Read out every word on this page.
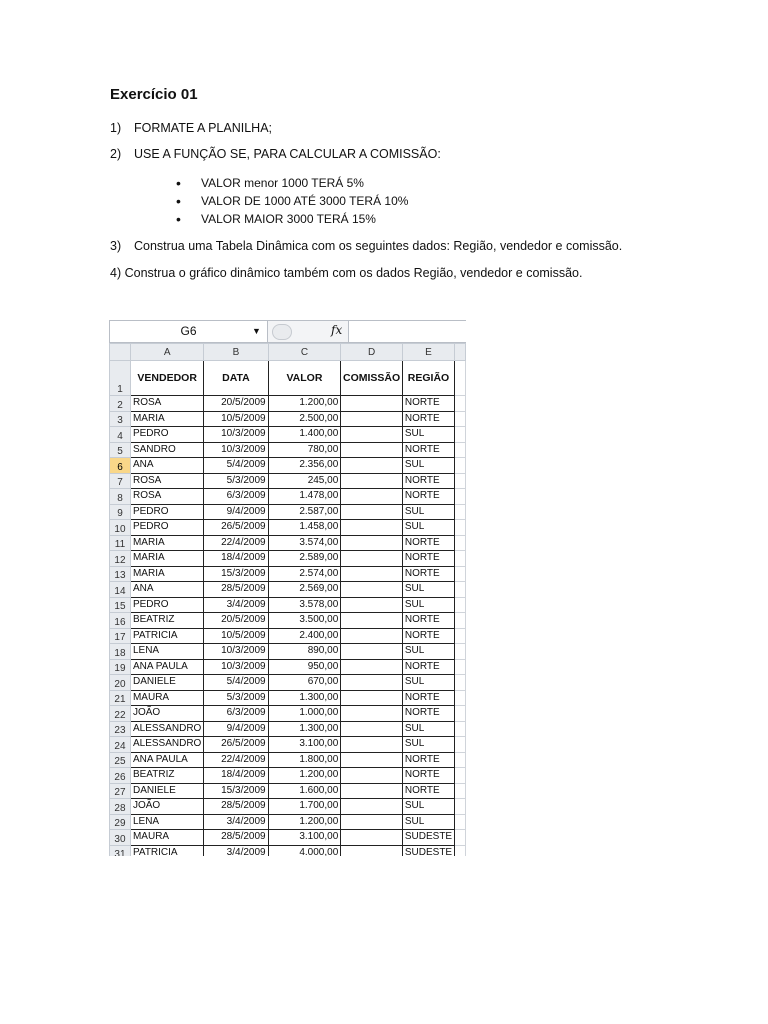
Exercício 01
1) FORMATE A PLANILHA;
2) USE A FUNÇÃO SE, PARA CALCULAR A COMISSÃO:
• VALOR menor 1000 TERÁ 5%
• VALOR DE 1000 ATÉ 3000 TERÁ 10%
• VALOR MAIOR 3000 TERÁ 15%
3) Construa uma Tabela Dinâmica com os seguintes dados: Região, vendedor e comissão.
4) Construa o gráfico dinâmico também com os dados Região, vendedor e comissão.
G6	▼	fx
	A	B	C	D	E	
1	VENDEDOR	DATA	VALOR	COMISSÃO	REGIÃO	
2	ROSA	20/5/2009	1.200,00		NORTE	
3	MARIA	10/5/2009	2.500,00		NORTE	
4	PEDRO	10/3/2009	1.400,00		SUL	
5	SANDRO	10/3/2009	780,00		NORTE	
6	ANA	5/4/2009	2.356,00		SUL	
7	ROSA	5/3/2009	245,00		NORTE	
8	ROSA	6/3/2009	1.478,00		NORTE	
9	PEDRO	9/4/2009	2.587,00		SUL	
10	PEDRO	26/5/2009	1.458,00		SUL	
11	MARIA	22/4/2009	3.574,00		NORTE	
12	MARIA	18/4/2009	2.589,00		NORTE	
13	MARIA	15/3/2009	2.574,00		NORTE	
14	ANA	28/5/2009	2.569,00		SUL	
15	PEDRO	3/4/2009	3.578,00		SUL	
16	BEATRIZ	20/5/2009	3.500,00		NORTE	
17	PATRICIA	10/5/2009	2.400,00		NORTE	
18	LENA	10/3/2009	890,00		SUL	
19	ANA PAULA	10/3/2009	950,00		NORTE	
20	DANIELE	5/4/2009	670,00		SUL	
21	MAURA	5/3/2009	1.300,00		NORTE	
22	JOÃO	6/3/2009	1.000,00		NORTE	
23	ALESSANDRO	9/4/2009	1.300,00		SUL	
24	ALESSANDRO	26/5/2009	3.100,00		SUL	
25	ANA PAULA	22/4/2009	1.800,00		NORTE	
26	BEATRIZ	18/4/2009	1.200,00		NORTE	
27	DANIELE	15/3/2009	1.600,00		NORTE	
28	JOÃO	28/5/2009	1.700,00		SUL	
29	LENA	3/4/2009	1.200,00		SUL	
30	MAURA	28/5/2009	3.100,00		SUDESTE	
31	PATRICIA	3/4/2009	4.000,00		SUDESTE	
